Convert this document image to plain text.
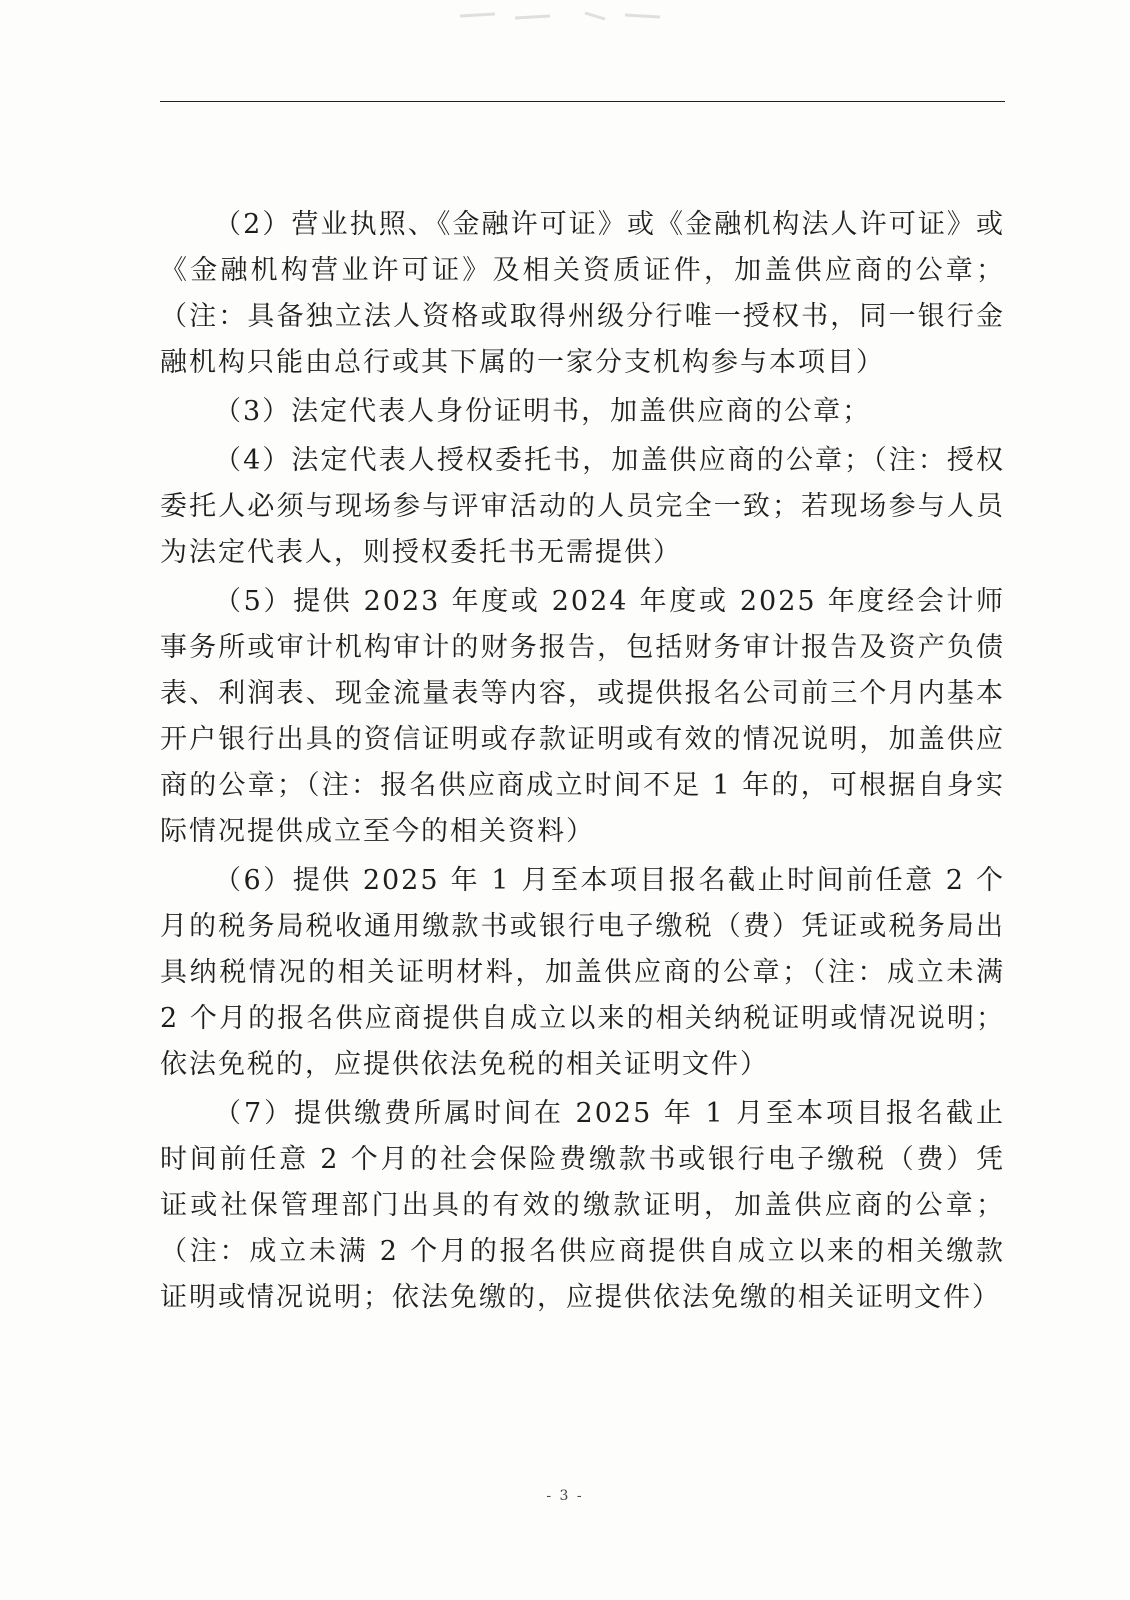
（2）营业执照、《金融许可证》或《金融机构法人许可证》或《金融机构营业许可证》及相关资质证件，加盖供应商的公章；（注：具备独立法人资格或取得州级分行唯一授权书，同一银行金融机构只能由总行或其下属的一家分支机构参与本项目）

（3）法定代表人身份证明书，加盖供应商的公章；

（4）法定代表人授权委托书，加盖供应商的公章；（注：授权委托人必须与现场参与评审活动的人员完全一致；若现场参与人员为法定代表人，则授权委托书无需提供）

（5）提供 2023 年度或 2024 年度或 2025 年度经会计师事务所或审计机构审计的财务报告，包括财务审计报告及资产负债表、利润表、现金流量表等内容，或提供报名公司前三个月内基本开户银行出具的资信证明或存款证明或有效的情况说明，加盖供应商的公章；（注：报名供应商成立时间不足 1 年的，可根据自身实际情况提供成立至今的相关资料）

（6）提供 2025 年 1 月至本项目报名截止时间前任意 2 个月的税务局税收通用缴款书或银行电子缴税（费）凭证或税务局出具纳税情况的相关证明材料，加盖供应商的公章；（注：成立未满 2 个月的报名供应商提供自成立以来的相关纳税证明或情况说明；依法免税的，应提供依法免税的相关证明文件）

（7）提供缴费所属时间在 2025 年 1 月至本项目报名截止时间前任意 2 个月的社会保险费缴款书或银行电子缴税（费）凭证或社保管理部门出具的有效的缴款证明，加盖供应商的公章；（注：成立未满 2 个月的报名供应商提供自成立以来的相关缴款证明或情况说明；依法免缴的，应提供依法免缴的相关证明文件）

- 3 -
